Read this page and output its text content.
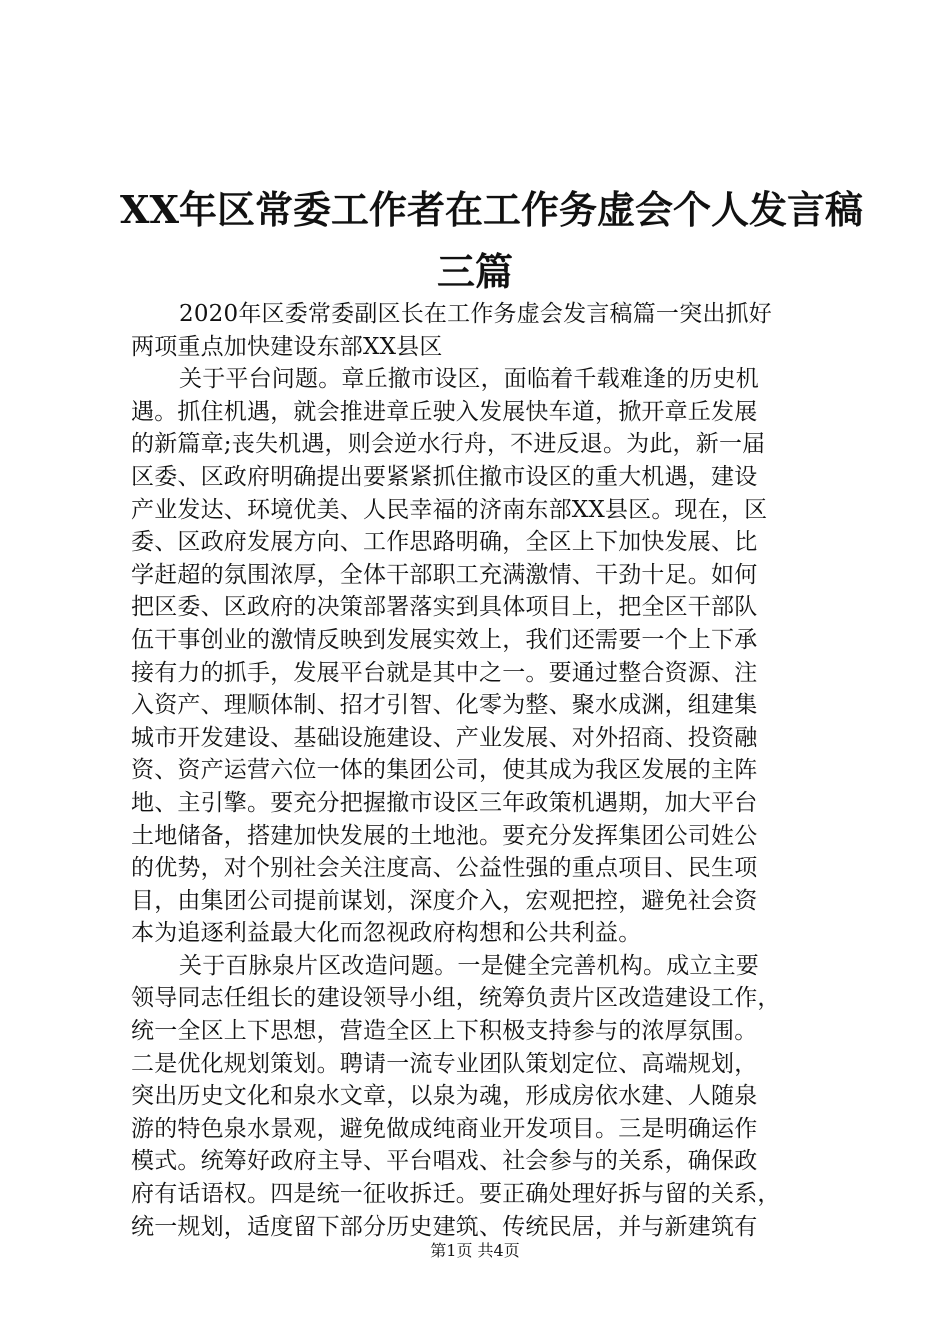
XX年区常委工作者在工作务虚会个人发言稿
三篇
2020年区委常委副区长在工作务虚会发言稿篇一突出抓好
两项重点加快建设东部XX县区
关于平台问题。章丘撤市设区，面临着千载难逢的历史机
遇。抓住机遇，就会推进章丘驶入发展快车道，掀开章丘发展
的新篇章;丧失机遇，则会逆水行舟，不进反退。为此，新一届
区委、区政府明确提出要紧紧抓住撤市设区的重大机遇，建设
产业发达、环境优美、人民幸福的济南东部XX县区。现在，区
委、区政府发展方向、工作思路明确，全区上下加快发展、比
学赶超的氛围浓厚，全体干部职工充满激情、干劲十足。如何
把区委、区政府的决策部署落实到具体项目上，把全区干部队
伍干事创业的激情反映到发展实效上，我们还需要一个上下承
接有力的抓手，发展平台就是其中之一。要通过整合资源、注
入资产、理顺体制、招才引智、化零为整、聚水成渊，组建集
城市开发建设、基础设施建设、产业发展、对外招商、投资融
资、资产运营六位一体的集团公司，使其成为我区发展的主阵
地、主引擎。要充分把握撤市设区三年政策机遇期，加大平台
土地储备，搭建加快发展的土地池。要充分发挥集团公司姓公
的优势，对个别社会关注度高、公益性强的重点项目、民生项
目，由集团公司提前谋划，深度介入，宏观把控，避免社会资
本为追逐利益最大化而忽视政府构想和公共利益。
关于百脉泉片区改造问题。一是健全完善机构。成立主要
领导同志任组长的建设领导小组，统筹负责片区改造建设工作，
统一全区上下思想，营造全区上下积极支持参与的浓厚氛围。
二是优化规划策划。聘请一流专业团队策划定位、高端规划，
突出历史文化和泉水文章，以泉为魂，形成房依水建、人随泉
游的特色泉水景观，避免做成纯商业开发项目。三是明确运作
模式。统筹好政府主导、平台唱戏、社会参与的关系，确保政
府有话语权。四是统一征收拆迁。要正确处理好拆与留的关系，
统一规划，适度留下部分历史建筑、传统民居，并与新建筑有
第1页 共4页
